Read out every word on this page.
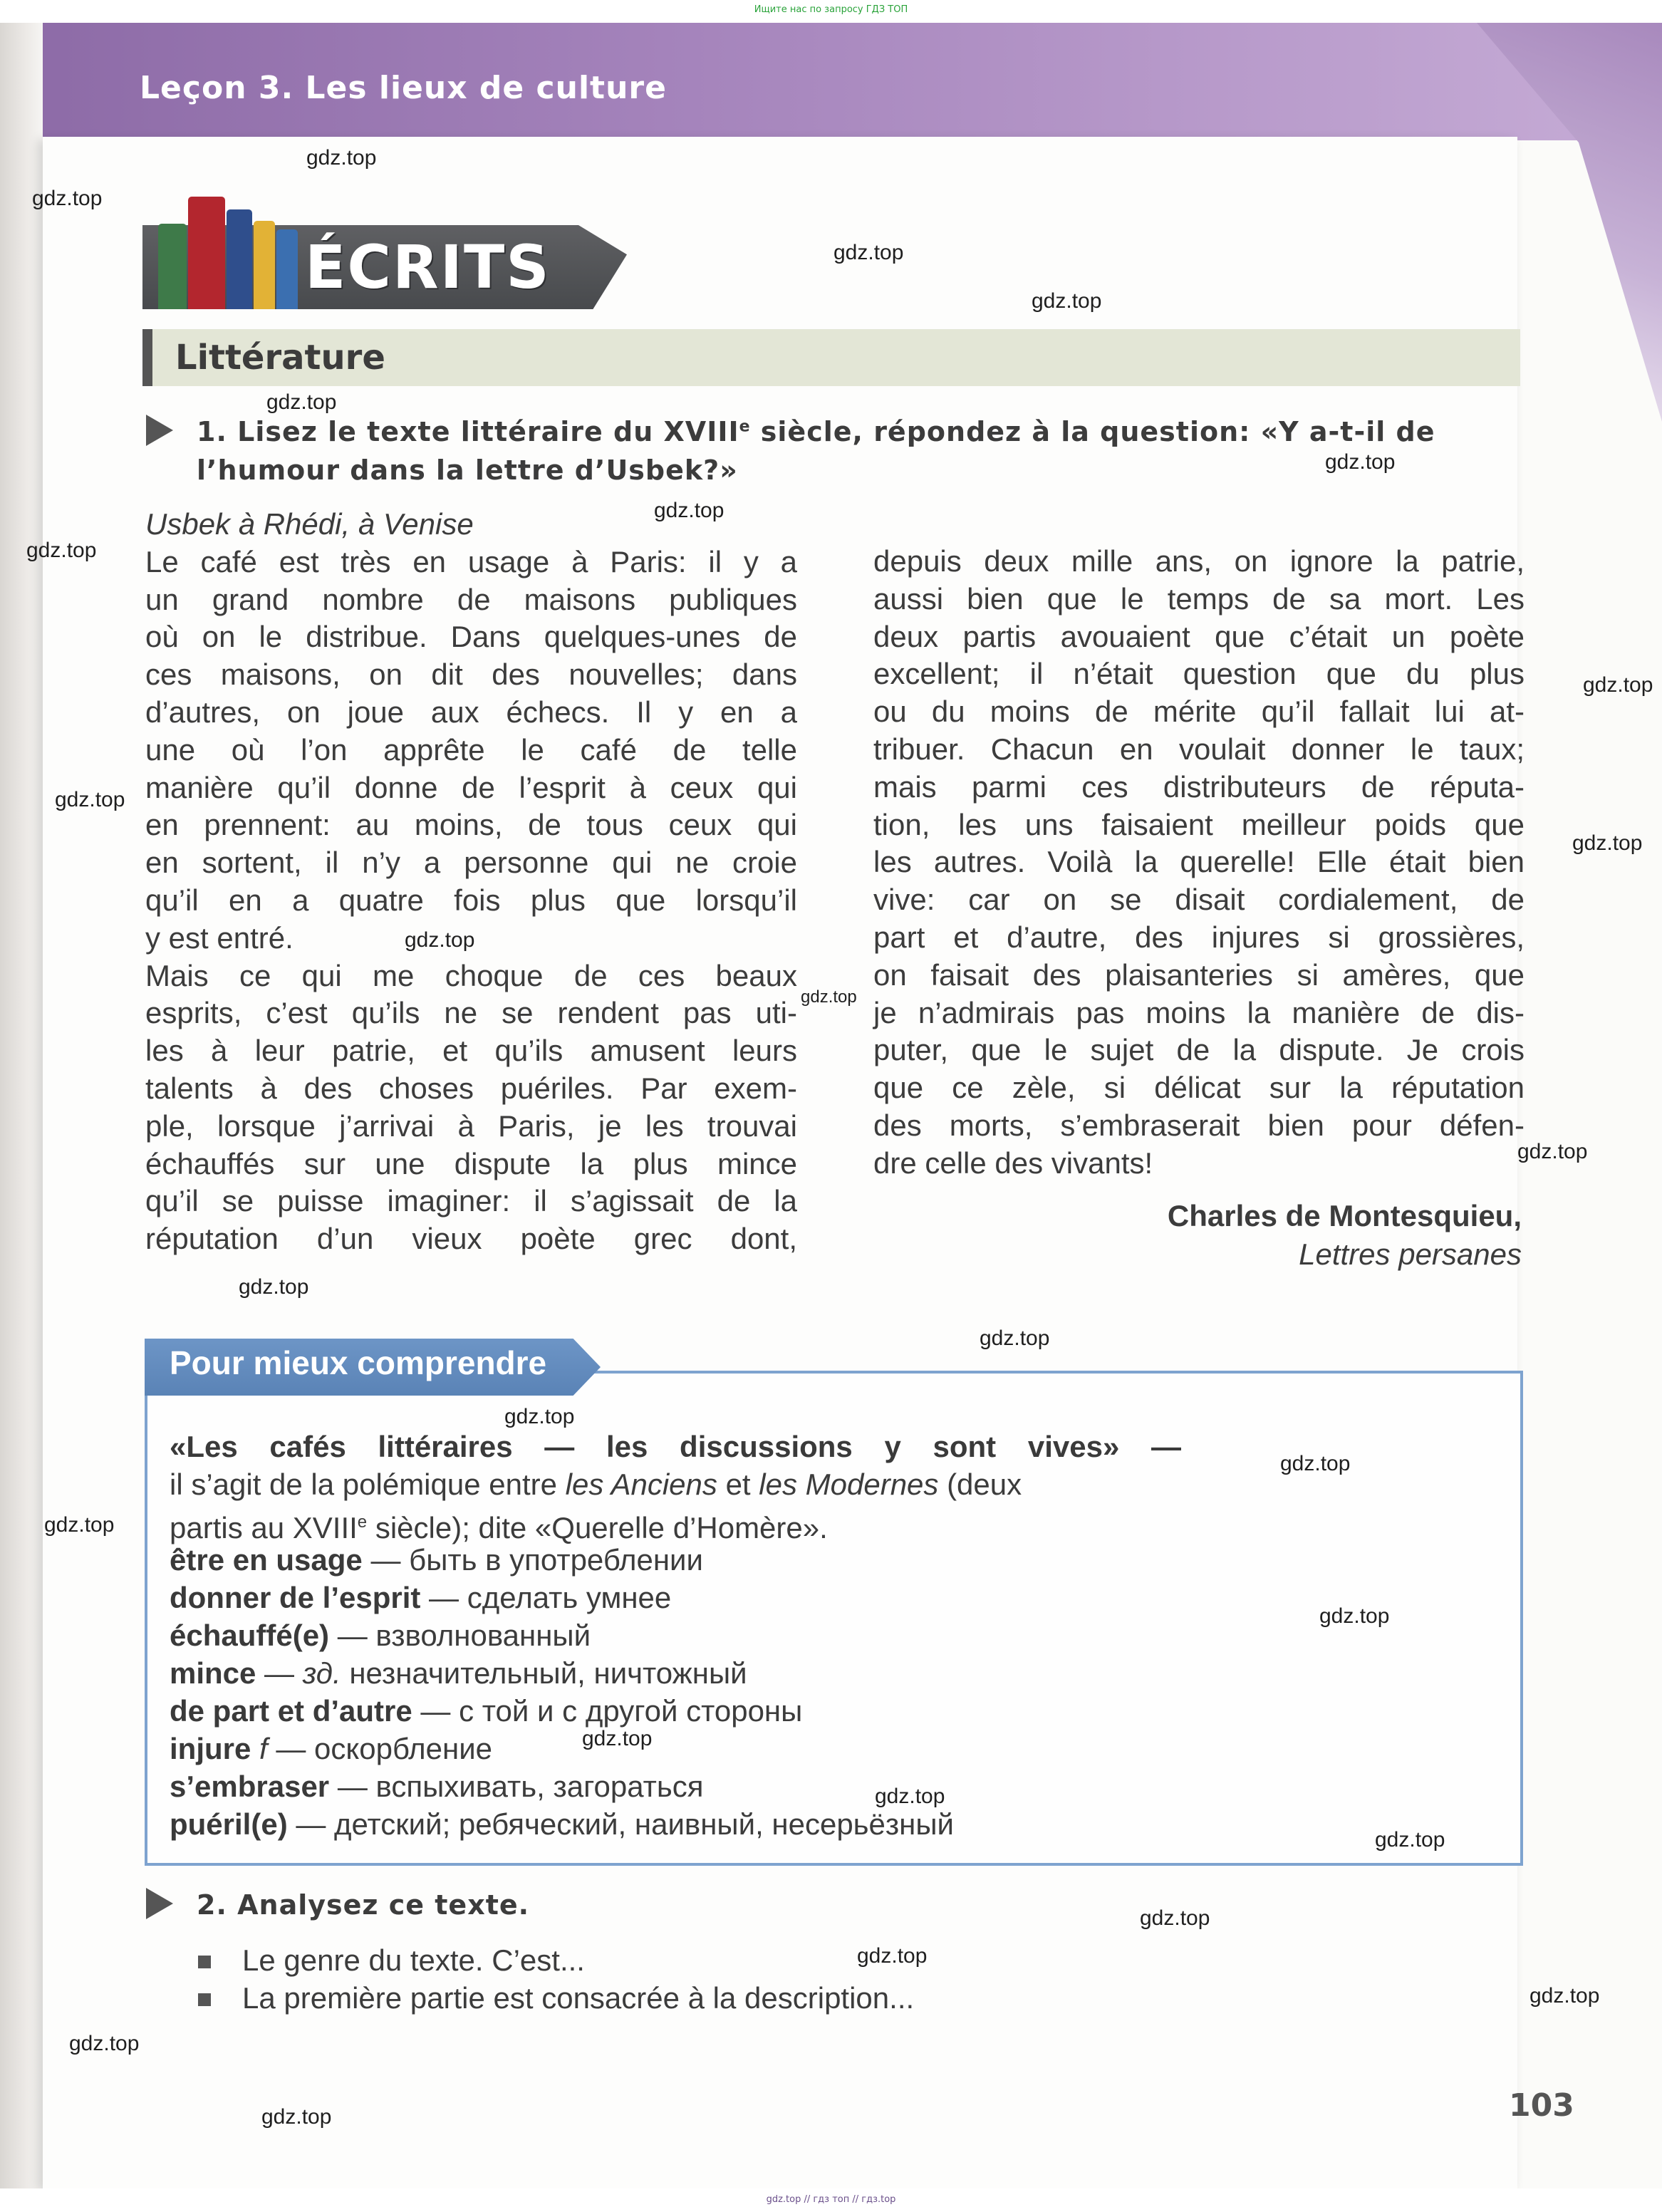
Ищите нас по запросу ГДЗ ТОП
Leçon 3. Les lieux de culture
ÉCRITS
Littérature
1. Lisez le texte littéraire du XVIIIe siècle, répondez à la question: «Y a-t-il de
l’humour dans la lettre d’Usbek?»
Usbek à Rhédi, à Venise
Le café est très en usage à Paris: il y a
un grand nombre de maisons publiques
où on le distribue. Dans quelques-unes de
ces maisons, on dit des nouvelles; dans
d’autres, on joue aux échecs. Il y en a
une où l’on apprête le café de telle
manière qu’il donne de l’esprit à ceux qui
en prennent: au moins, de tous ceux qui
en sortent, il n’y a personne qui ne croie
qu’il en a quatre fois plus que lorsqu’il
y est entré.
Mais ce qui me choque de ces beaux
esprits, c’est qu’ils ne se rendent pas uti-
les à leur patrie, et qu’ils amusent leurs
talents à des choses puériles. Par exem-
ple, lorsque j’arrivai à Paris, je les trouvai
échauffés sur une dispute la plus mince
qu’il se puisse imaginer: il s’agissait de la
réputation d’un vieux poète grec dont,
depuis deux mille ans, on ignore la patrie,
aussi bien que le temps de sa mort. Les
deux partis avouaient que c’était un poète
excellent; il n’était question que du plus
ou du moins de mérite qu’il fallait lui at-
tribuer. Chacun en voulait donner le taux;
mais parmi ces distributeurs de réputa-
tion, les uns faisaient meilleur poids que
les autres. Voilà la querelle! Elle était bien
vive: car on se disait cordialement, de
part et d’autre, des injures si grossières,
on faisait des plaisanteries si amères, que
je n’admirais pas moins la manière de dis-
puter, que le sujet de la dispute. Je crois
que ce zèle, si délicat sur la réputation
des morts, s’embraserait bien pour défen-
dre celle des vivants!
Charles de Montesquieu,
Lettres persanes
Pour mieux comprendre
«Les cafés littéraires — les discussions y sont vives» —
il s’agit de la polémique entre les Anciens et les Modernes (deux
partis au XVIIIe siècle); dite «Querelle d’Homère».
être en usage — быть в употреблении
donner de l’esprit — сделать умнее
échauffé(e) — взволнованный
mince — зд. незначительный, ничтожный
de part et d’autre — с той и с другой стороны
injure f — оскорбление
s’embraser — вспыхивать, загораться
puéril(e) — детский; ребяческий, наивный, несерьёзный
2. Analysez ce texte.
Le genre du texte. C’est...
La première partie est consacrée à la description...
103
gdz.top
gdz.top
gdz.top
gdz.top
gdz.top
gdz.top
gdz.top
gdz.top
gdz.top
gdz.top
gdz.top
gdz.top
gdz.top
gdz.top
gdz.top
gdz.top
gdz.top
gdz.top
gdz.top
gdz.top
gdz.top
gdz.top
gdz.top
gdz.top
gdz.top
gdz.top
gdz.top
gdz.top
gdz.top // гдз топ // гдз.top
